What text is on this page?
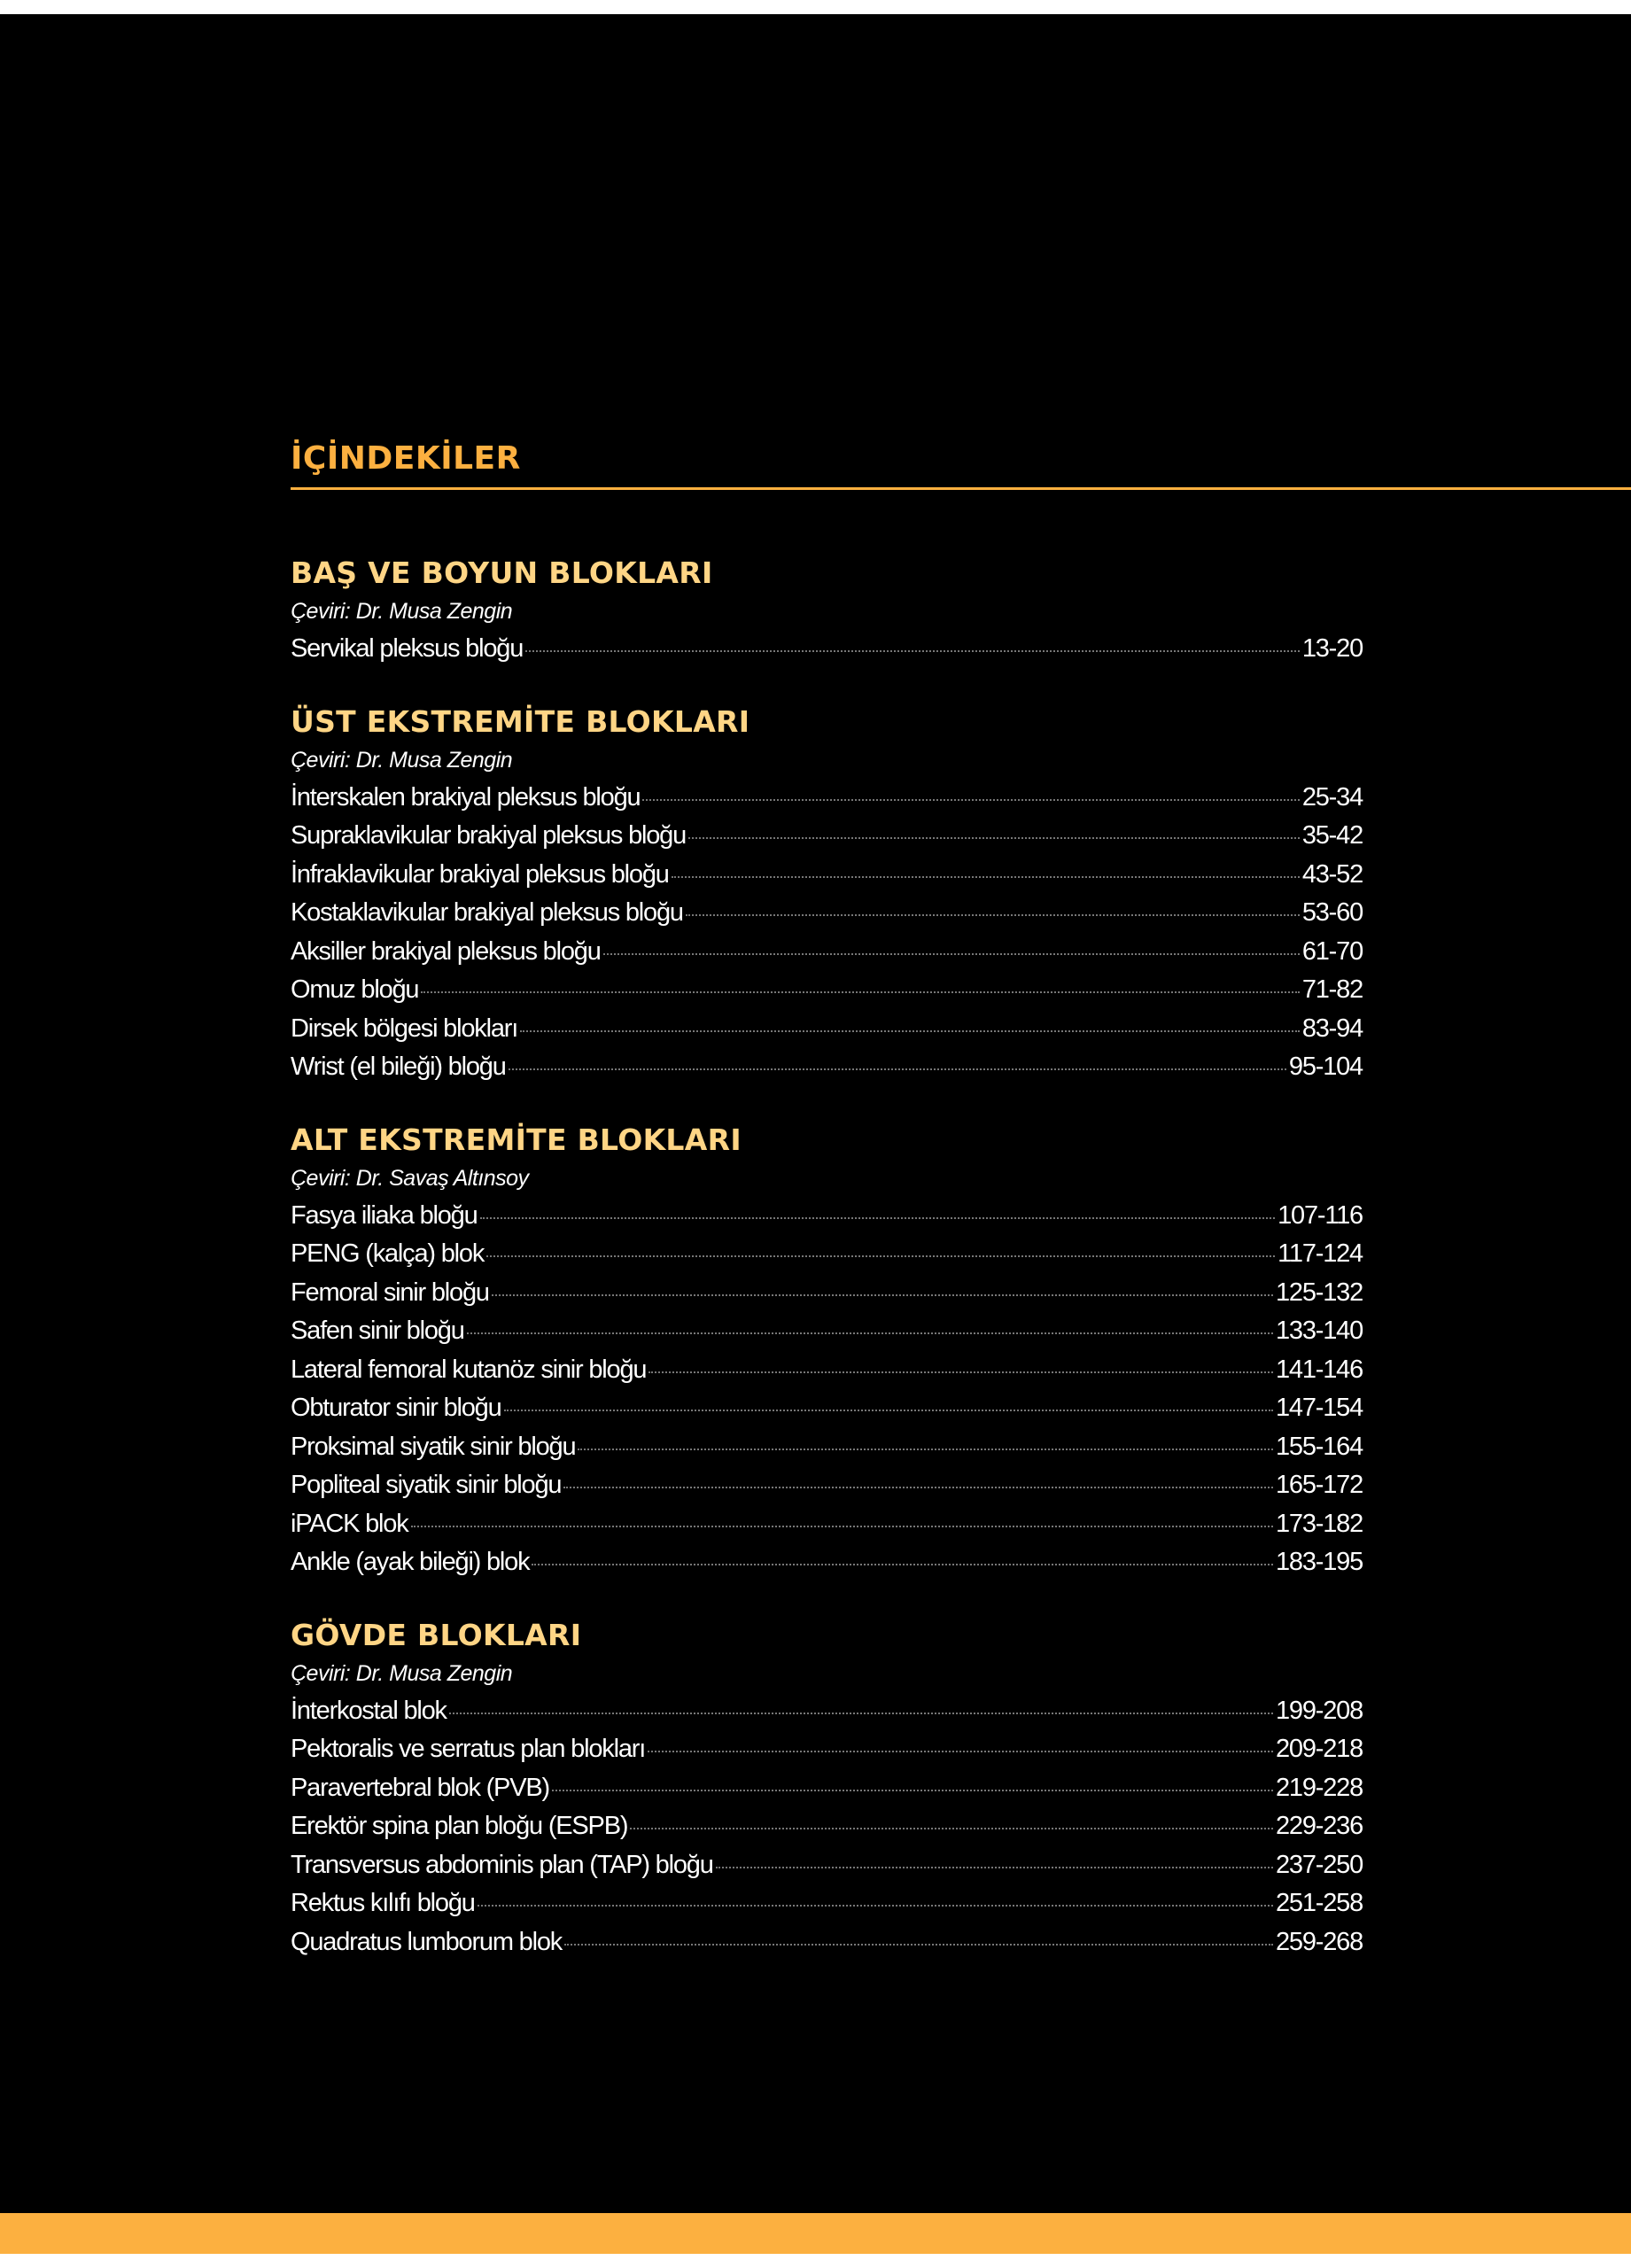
İÇİNDEKİLER
BAŞ VE BOYUN BLOKLARI

Çeviri: Dr. Musa Zengin

Servikal pleksus bloğu	13-20
ÜST EKSTREMİTE BLOKLARI

Çeviri: Dr. Musa Zengin

İnterskalen brakiyal pleksus bloğu	25-34
Supraklavikular brakiyal pleksus bloğu	35-42
İnfraklavikular brakiyal pleksus bloğu	43-52
Kostaklavikular brakiyal pleksus bloğu	53-60
Aksiller brakiyal pleksus bloğu	61-70
Omuz bloğu	71-82
Dirsek bölgesi blokları	83-94
Wrist (el bileği) bloğu	95-104
ALT EKSTREMİTE BLOKLARI

Çeviri: Dr. Savaş Altınsoy

Fasya iliaka bloğu	107-116
PENG (kalça) blok	117-124
Femoral sinir bloğu	125-132
Safen sinir bloğu	133-140
Lateral femoral kutanöz sinir bloğu	141-146
Obturator sinir bloğu	147-154
Proksimal siyatik sinir bloğu	155-164
Popliteal siyatik sinir bloğu	165-172
iPACK blok	173-182
Ankle (ayak bileği) blok	183-195
GÖVDE BLOKLARI

Çeviri: Dr. Musa Zengin

İnterkostal blok	199-208
Pektoralis ve serratus plan blokları	209-218
Paravertebral blok (PVB)	219-228
Erektör spina plan bloğu (ESPB)	229-236
Transversus abdominis plan (TAP) bloğu	237-250
Rektus kılıfı bloğu	251-258
Quadratus lumborum blok	259-268
